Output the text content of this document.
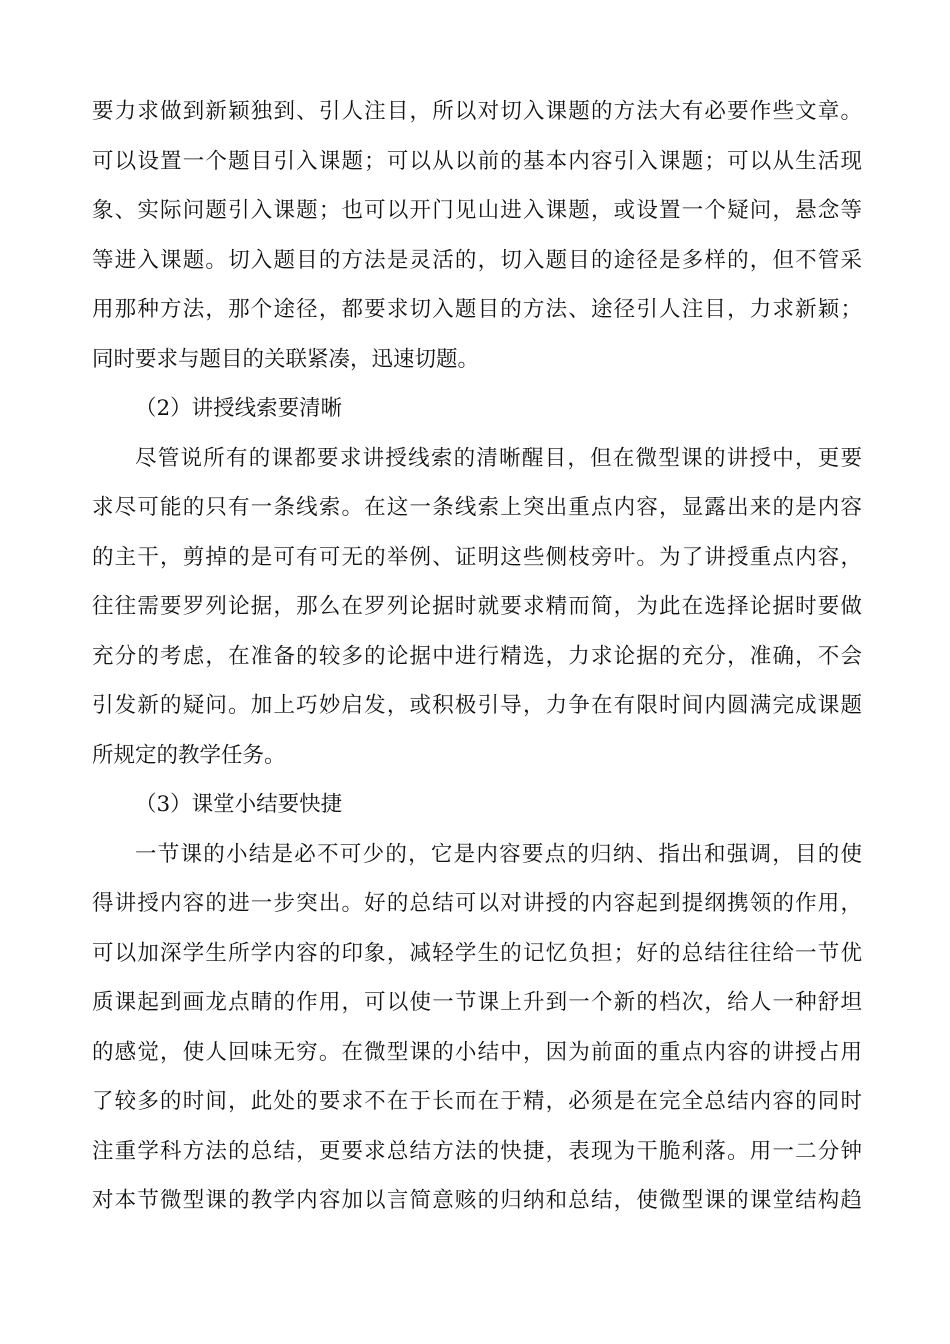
要力求做到新颖独到、引人注目，所以对切入课题的方法大有必要作些文章。
可以设置一个题目引入课题；可以从以前的基本内容引入课题；可以从生活现
象、实际问题引入课题；也可以开门见山进入课题，或设置一个疑问，悬念等
等进入课题。切入题目的方法是灵活的，切入题目的途径是多样的，但不管采
用那种方法，那个途径，都要求切入题目的方法、途径引人注目，力求新颖；
同时要求与题目的关联紧凑，迅速切题。
（2）讲授线索要清晰
尽管说所有的课都要求讲授线索的清晰醒目，但在微型课的讲授中，更要
求尽可能的只有一条线索。在这一条线索上突出重点内容，显露出来的是内容
的主干，剪掉的是可有可无的举例、证明这些侧枝旁叶。为了讲授重点内容，
往往需要罗列论据，那么在罗列论据时就要求精而简，为此在选择论据时要做
充分的考虑，在准备的较多的论据中进行精选，力求论据的充分，准确，不会
引发新的疑问。加上巧妙启发，或积极引导，力争在有限时间内圆满完成课题
所规定的教学任务。
（3）课堂小结要快捷
一节课的小结是必不可少的，它是内容要点的归纳、指出和强调，目的使
得讲授内容的进一步突出。好的总结可以对讲授的内容起到提纲携领的作用，
可以加深学生所学内容的印象，减轻学生的记忆负担；好的总结往往给一节优
质课起到画龙点睛的作用，可以使一节课上升到一个新的档次，给人一种舒坦
的感觉，使人回味无穷。在微型课的小结中，因为前面的重点内容的讲授占用
了较多的时间，此处的要求不在于长而在于精，必须是在完全总结内容的同时
注重学科方法的总结，更要求总结方法的快捷，表现为干脆利落。用一二分钟
对本节微型课的教学内容加以言简意赅的归纳和总结，使微型课的课堂结构趋
